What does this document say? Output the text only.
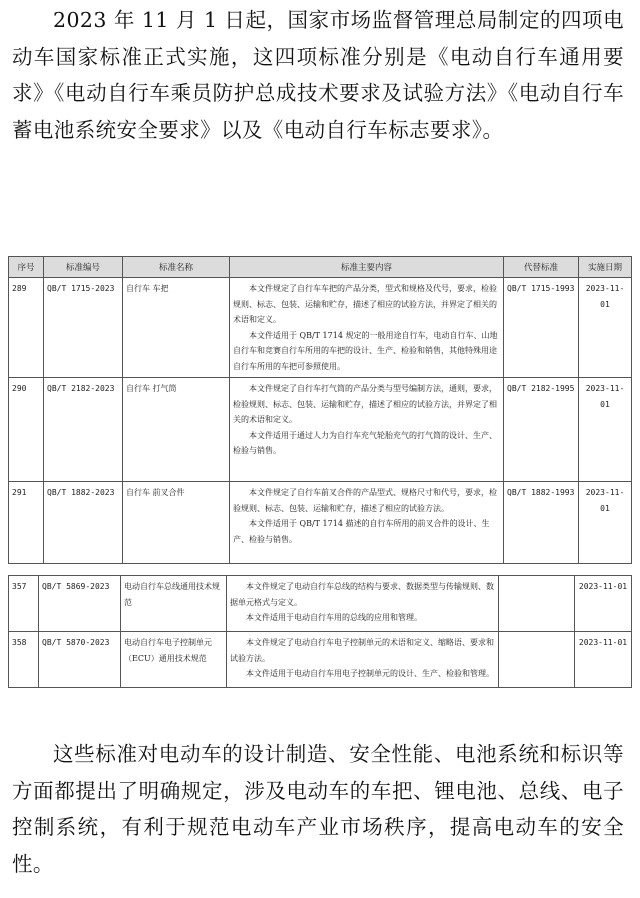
2023 年 11 月 1 日起，国家市场监督管理总局制定的四项电动车国家标准正式实施，这四项标准分别是《电动自行车通用要求》《电动自行车乘员防护总成技术要求及试验方法》《电动自行车蓄电池系统安全要求》以及《电动自行车标志要求》。
序号	标准编号	标准名称	标准主要内容	代替标准	实施日期
289	QB/T 1715-2023	自行车 车把	本文件规定了自行车车把的产品分类，型式和规格及代号，要求，检验规则、标志、包装、运输和贮存，描述了相应的试验方法，并界定了相关的术语和定义。

本文件适用于 QB/T 1714 规定的一般用途自行车，电动自行车、山地自行车和竞赛自行车所用的车把的设计、生产、检验和销售，其他特殊用途自行车所用的车把可参照使用。	QB/T 1715-1993	2023-11-01
290	QB/T 2182-2023	自行车 打气筒	本文件规定了自行车打气筒的产品分类与型号编制方法，通则，要求，检验规则、标志、包装、运输和贮存，描述了相应的试验方法，并界定了相关的术语和定义。

本文件适用于通过人力为自行车充气轮胎充气的打气筒的设计、生产、检验与销售。	QB/T 2182-1995	2023-11-01
291	QB/T 1882-2023	自行车 前叉合件	本文件规定了自行车前叉合件的产品型式、规格尺寸和代号，要求，检验规则、标志、包装、运输和贮存，描述了相应的试验方法。

本文件适用于 QB/T 1714 描述的自行车所用的前叉合件的设计、生产、检验与销售。	QB/T 1882-1993	2023-11-01
357	QB/T 5869-2023	电动自行车总线通用技术规范	本文件规定了电动自行车总线的结构与要求、数据类型与传输规则、数据单元格式与定义。

本文件适用于电动自行车用的总线的应用和管理。		2023-11-01
358	QB/T 5870-2023	电动自行车电子控制单元（ECU）通用技术规范	本文件规定了电动自行车电子控制单元的术语和定义、缩略语、要求和试验方法。

本文件适用于电动自行车用电子控制单元的设计、生产、检验和管理。		2023-11-01
这些标准对电动车的设计制造、安全性能、电池系统和标识等方面都提出了明确规定，涉及电动车的车把、锂电池、总线、电子控制系统，有利于规范电动车产业市场秩序，提高电动车的安全性。
